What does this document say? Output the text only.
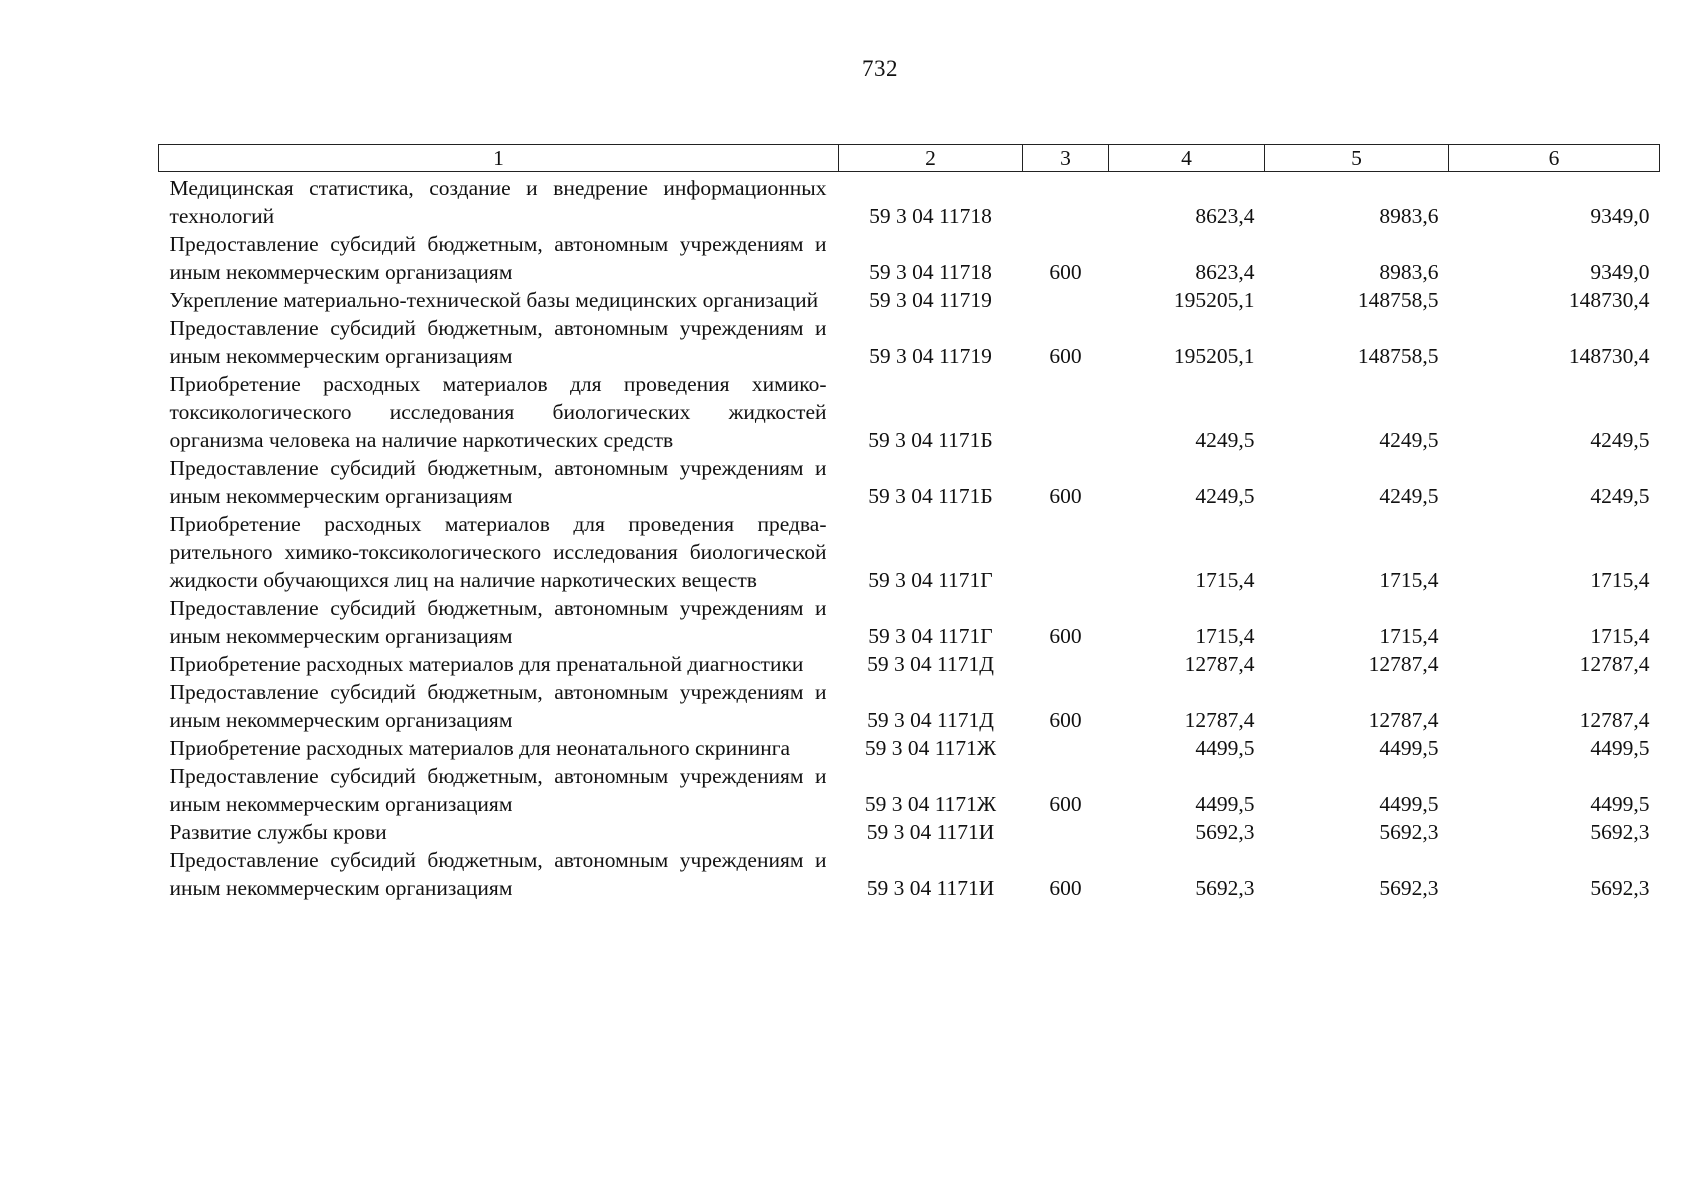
732
1	2	3	4	5	6
Медицинская статистика, создание и внедрение информационных технологий	59 3 04 11718		8623,4	8983,6	9349,0
Предоставление субсидий бюджетным, автономным учреждениям и иным некоммерческим организациям	59 3 04 11718	600	8623,4	8983,6	9349,0
Укрепление материально-технической базы медицинских организаций	59 3 04 11719		195205,1	148758,5	148730,4
Предоставление субсидий бюджетным, автономным учреждениям и иным некоммерческим организациям	59 3 04 11719	600	195205,1	148758,5	148730,4
Приобретение расходных материалов для проведения химико-токсикологического исследования биологических жидкостей организма человека на наличие наркотических средств	59 3 04 1171Б		4249,5	4249,5	4249,5
Предоставление субсидий бюджетным, автономным учреждениям и иным некоммерческим организациям	59 3 04 1171Б	600	4249,5	4249,5	4249,5
Приобретение расходных материалов для проведения предварительного химико-токсикологического исследования биологической жидкости обучающихся лиц на наличие наркотических веществ	59 3 04 1171Г		1715,4	1715,4	1715,4
Предоставление субсидий бюджетным, автономным учреждениям и иным некоммерческим организациям	59 3 04 1171Г	600	1715,4	1715,4	1715,4
Приобретение расходных материалов для пренатальной диагностики	59 3 04 1171Д		12787,4	12787,4	12787,4
Предоставление субсидий бюджетным, автономным учреждениям и иным некоммерческим организациям	59 3 04 1171Д	600	12787,4	12787,4	12787,4
Приобретение расходных материалов для неонатального скрининга	59 3 04 1171Ж		4499,5	4499,5	4499,5
Предоставление субсидий бюджетным, автономным учреждениям и иным некоммерческим организациям	59 3 04 1171Ж	600	4499,5	4499,5	4499,5
Развитие службы крови	59 3 04 1171И		5692,3	5692,3	5692,3
Предоставление субсидий бюджетным, автономным учреждениям и иным некоммерческим организациям	59 3 04 1171И	600	5692,3	5692,3	5692,3
